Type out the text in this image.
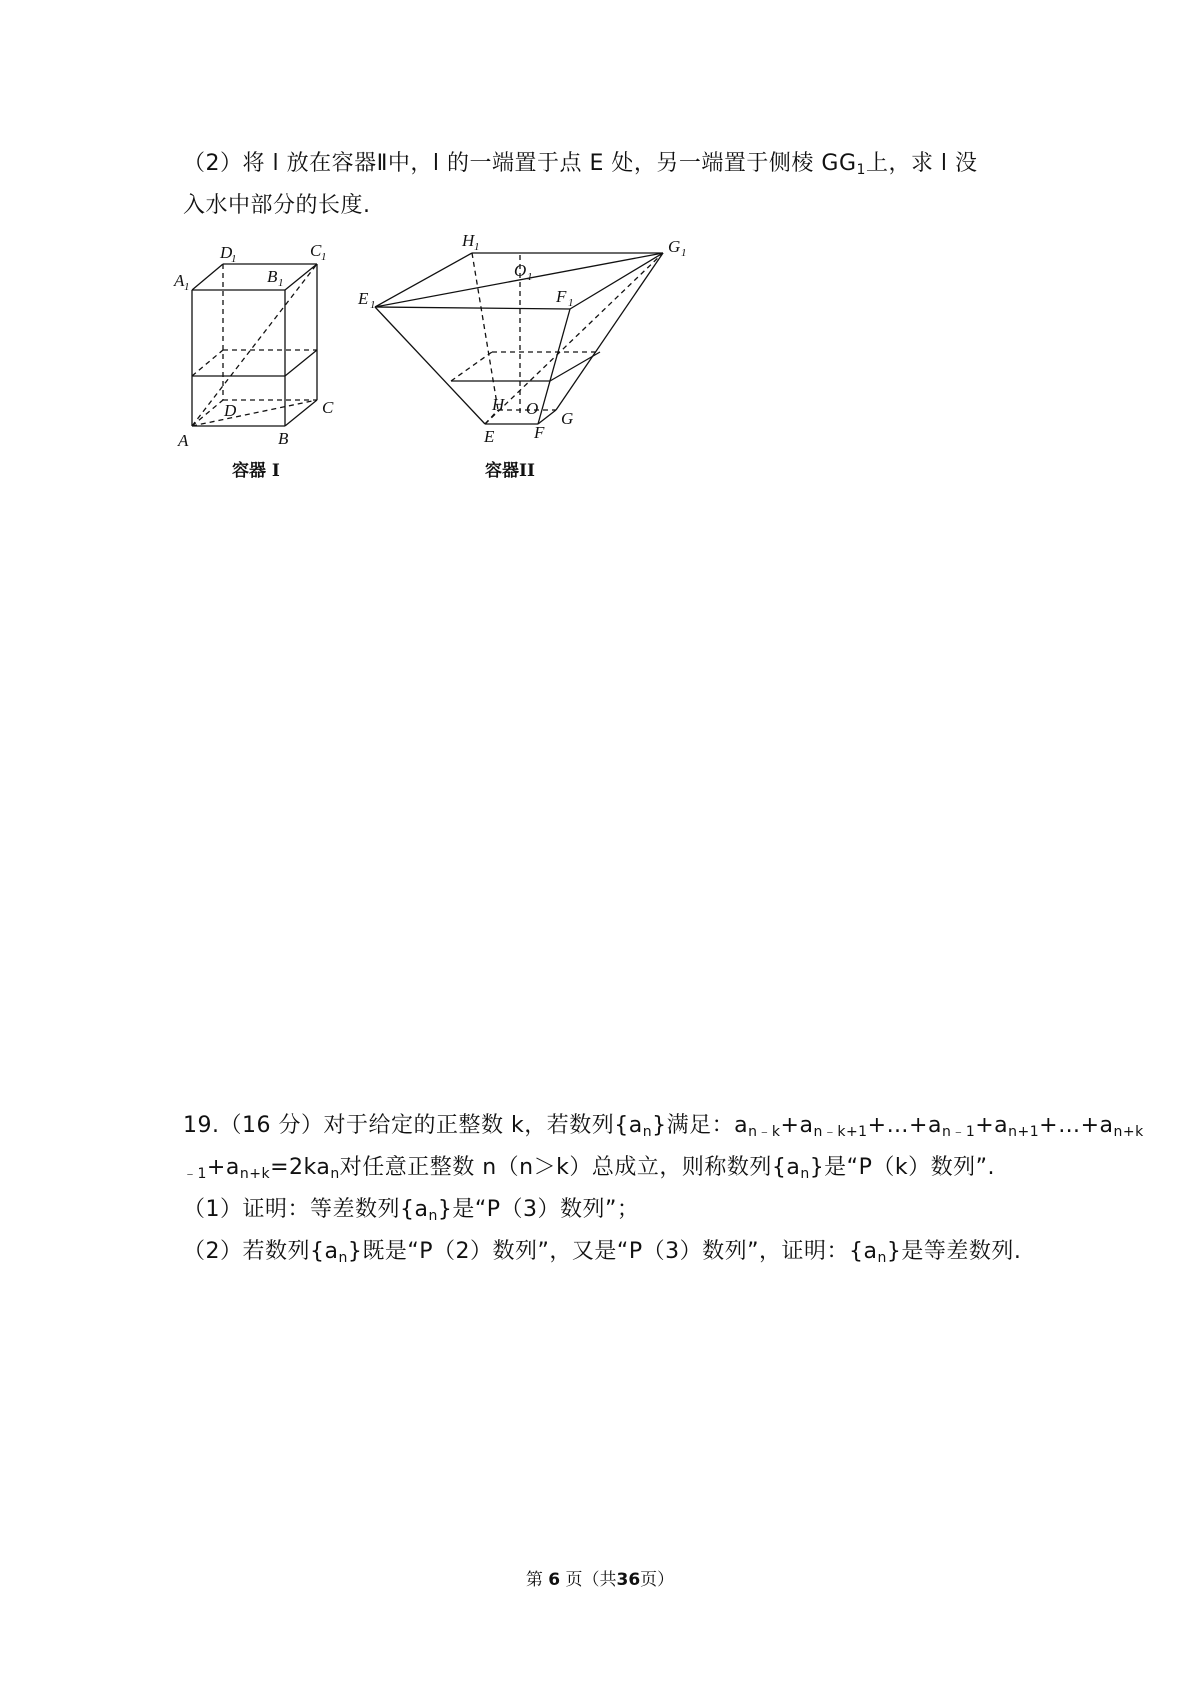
（2）将 l 放在容器Ⅱ中，l 的一端置于点 E 处，另一端置于侧棱 $GG_1$上，求 l 没
入水中部分的长度.
A 1
D
1
B 1
C 1
D	C
A	B
H 1	G 1
O 1
E 1	F 1
H O
E F
G
容器 I	容器II
19.（16 分）对于给定的正整数 k，若数列$\{a_n\}$满足：$a_{n﹣k}+a_{n﹣k+1}+\dots+a_{n﹣1}+a_{n+1}+\dots+a_{n+k}$
$_{﹣1}+a_{n+k}=2ka_n$对任意正整数 n（n＞k）总成立，则称数列$\{a_n\}$是“P（k）数列”.
（1）证明：等差数列$\{a_n\}$是“P（3）数列”；
（2）若数列$\{a_n\}$既是“P（2）数列”，又是“P（3）数列”，证明：$\{a_n\}$是等差数列.
第 6 页（共36页）
